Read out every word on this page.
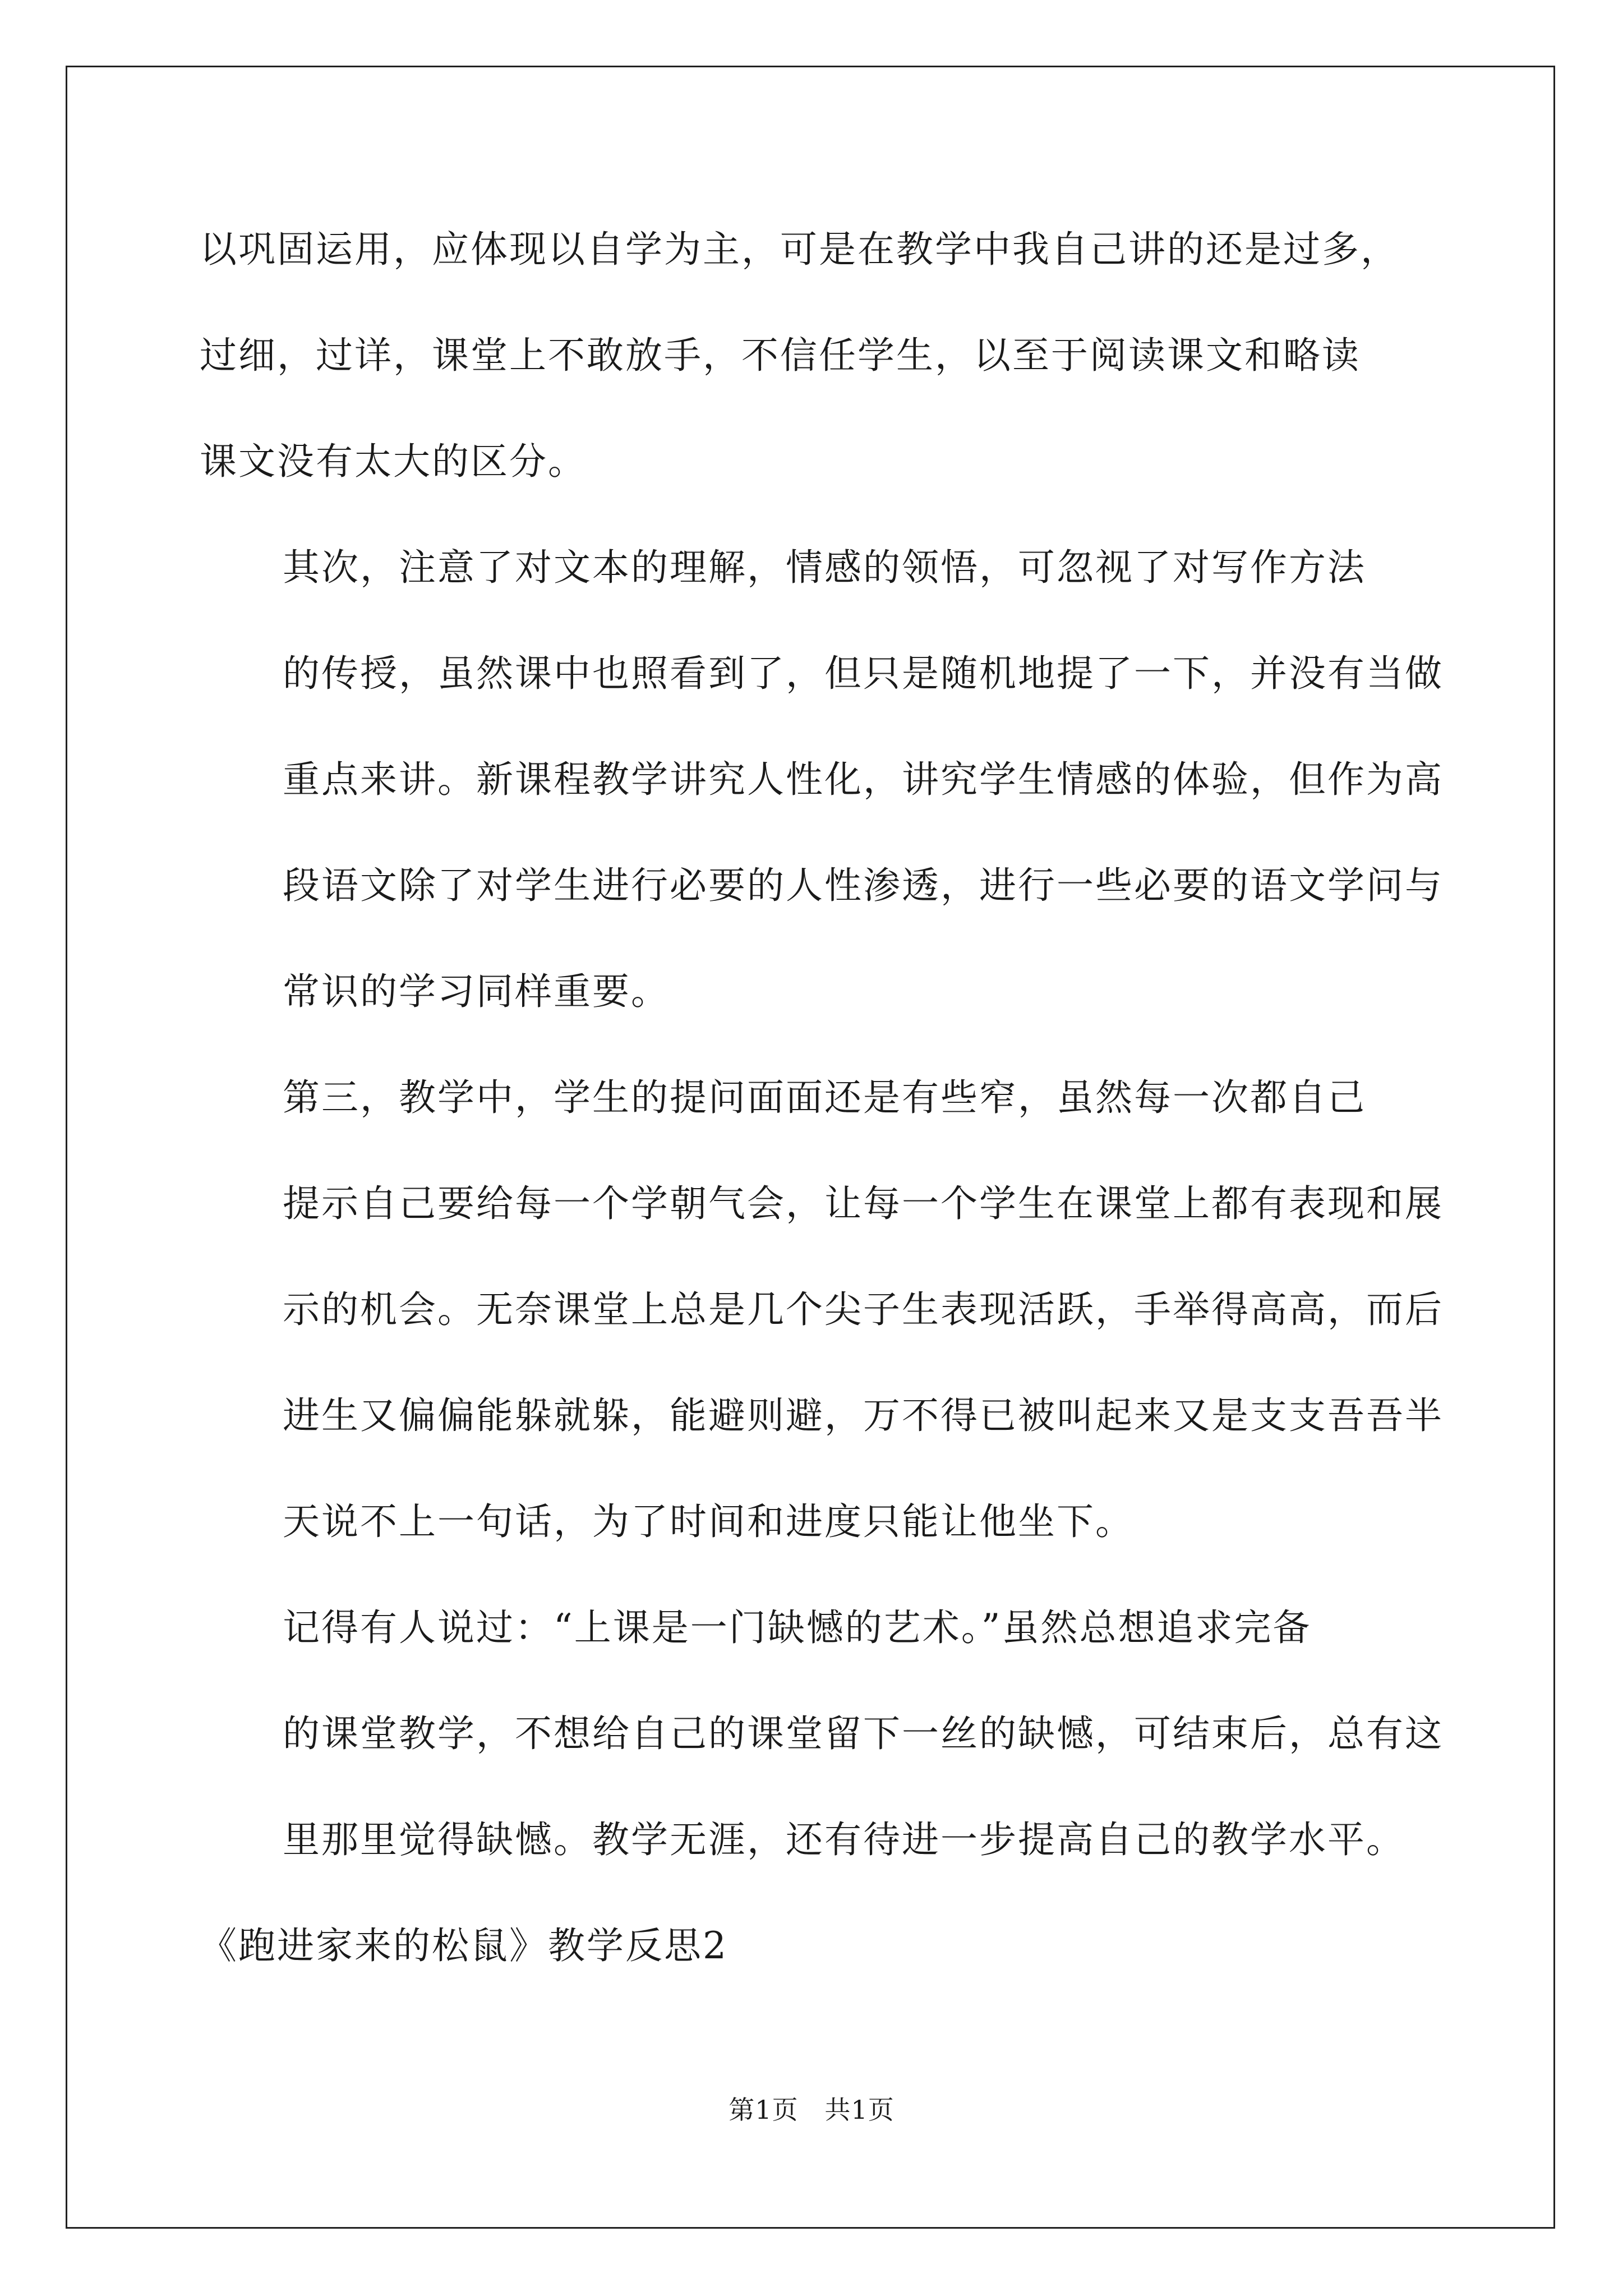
以巩固运用，应体现以自学为主，可是在教学中我自己讲的还是过多，
过细，过详，课堂上不敢放手，不信任学生，以至于阅读课文和略读
课文没有太大的区分。

其次，注意了对文本的理解，情感的领悟，可忽视了对写作方法
的传授，虽然课中也照看到了，但只是随机地提了一下，并没有当做
重点来讲。新课程教学讲究人性化，讲究学生情感的体验，但作为高
段语文除了对学生进行必要的人性渗透，进行一些必要的语文学问与
常识的学习同样重要。

第三，教学中，学生的提问面面还是有些窄，虽然每一次都自己
提示自己要给每一个学朝气会，让每一个学生在课堂上都有表现和展
示的机会。无奈课堂上总是几个尖子生表现活跃，手举得高高，而后
进生又偏偏能躲就躲，能避则避，万不得已被叫起来又是支支吾吾半
天说不上一句话，为了时间和进度只能让他坐下。

记得有人说过：“上课是一门缺憾的艺术。”虽然总想追求完备
的课堂教学，不想给自己的课堂留下一丝的缺憾，可结束后，总有这
里那里觉得缺憾。教学无涯，还有待进一步提高自己的教学水平。

《跑进家来的松鼠》教学反思2

第1页   共1页
